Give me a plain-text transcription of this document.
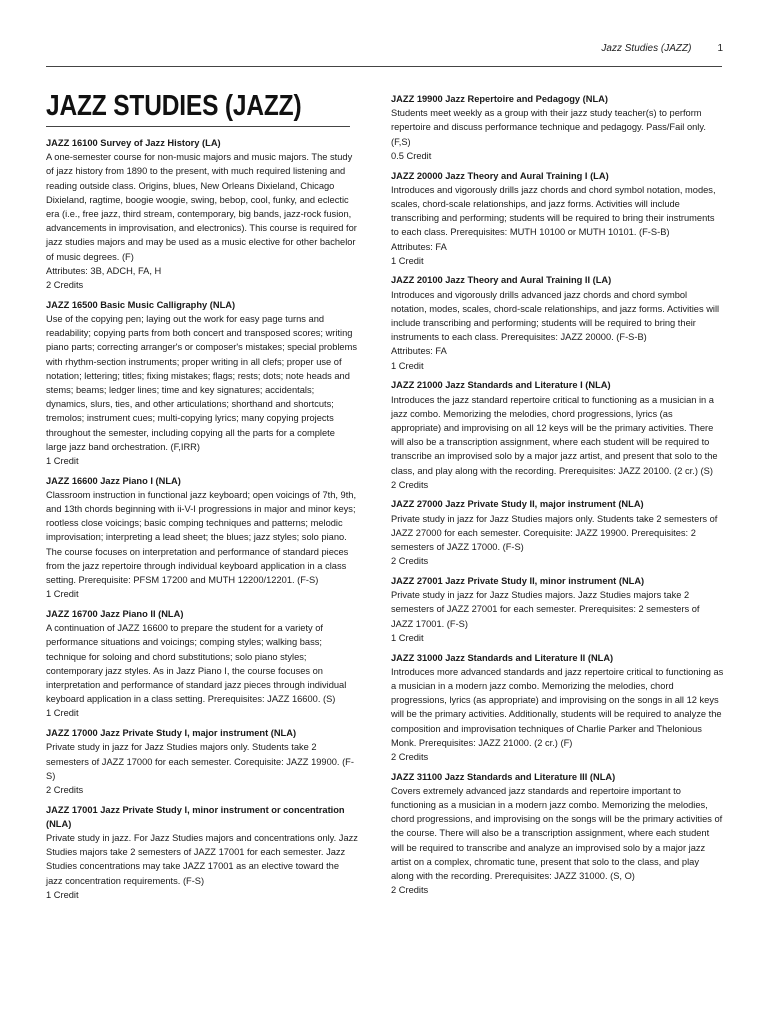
Jazz Studies (JAZZ)	1
JAZZ STUDIES (JAZZ)
JAZZ 16100 Survey of Jazz History (LA)
A one-semester course for non-music majors and music majors. The study of jazz history from 1890 to the present, with much required listening and reading outside class. Origins, blues, New Orleans Dixieland, Chicago Dixieland, ragtime, boogie woogie, swing, bebop, cool, funky, and eclectic era (i.e., free jazz, third stream, contemporary, big bands, jazz-rock fusion, advancements in improvisation, and electronics). This course is required for jazz studies majors and may be used as a music elective for other bachelor of music degrees. (F)
Attributes: 3B, ADCH, FA, H
2 Credits
JAZZ 16500 Basic Music Calligraphy (NLA)
Use of the copying pen; laying out the work for easy page turns and readability; copying parts from both concert and transposed scores; writing piano parts; correcting arranger's or composer's mistakes; special problems with rhythm-section instruments; proper writing in all clefs; proper use of notation; lettering; titles; fixing mistakes; flags; rests; dots; note heads and stems; beams; ledger lines; time and key signatures; accidentals; dynamics, slurs, ties, and other articulations; shorthand and shortcuts; tremolos; instrument cues; multi-copying lyrics; many copying projects throughout the semester, including copying all the parts for a complete large jazz band orchestration. (F,IRR)
1 Credit
JAZZ 16600 Jazz Piano I (NLA)
Classroom instruction in functional jazz keyboard; open voicings of 7th, 9th, and 13th chords beginning with ii-V-I progressions in major and minor keys; rootless close voicings; basic comping techniques and patterns; melodic improvisation; interpreting a lead sheet; the blues; jazz styles; solo piano. The course focuses on interpretation and performance of standard pieces from the jazz repertoire through individual keyboard application in a class setting. Prerequisite: PFSM 17200 and MUTH 12200/12201. (F-S)
1 Credit
JAZZ 16700 Jazz Piano II (NLA)
A continuation of JAZZ 16600 to prepare the student for a variety of performance situations and voicings; comping styles; walking bass; technique for soloing and chord substitutions; solo piano styles; contemporary jazz styles. As in Jazz Piano I, the course focuses on interpretation and performance of standard jazz pieces through individual keyboard application in a class setting. Prerequisites: JAZZ 16600. (S)
1 Credit
JAZZ 17000 Jazz Private Study I, major instrument (NLA)
Private study in jazz for Jazz Studies majors only. Students take 2 semesters of JAZZ 17000 for each semester. Corequisite: JAZZ 19900. (F-S)
2 Credits
JAZZ 17001 Jazz Private Study I, minor instrument or concentration (NLA)
Private study in jazz. For Jazz Studies majors and concentrations only. Jazz Studies majors take 2 semesters of JAZZ 17001 for each semester. Jazz Studies concentrations may take JAZZ 17001 as an elective toward the jazz concentration requirements. (F-S)
1 Credit
JAZZ 19900 Jazz Repertoire and Pedagogy (NLA)
Students meet weekly as a group with their jazz study teacher(s) to perform repertoire and discuss performance technique and pedagogy. Pass/Fail only. (F,S)
0.5 Credit
JAZZ 20000 Jazz Theory and Aural Training I (LA)
Introduces and vigorously drills jazz chords and chord symbol notation, modes, scales, chord-scale relationships, and jazz forms. Activities will include transcribing and performing; students will be required to bring their instruments to each class. Prerequisites: MUTH 10100 or MUTH 10101. (F-S-B)
Attributes: FA
1 Credit
JAZZ 20100 Jazz Theory and Aural Training II (LA)
Introduces and vigorously drills advanced jazz chords and chord symbol notation, modes, scales, chord-scale relationships, and jazz forms. Activities will include transcribing and performing; students will be required to bring their instruments to each class. Prerequisites: JAZZ 20000. (F-S-B)
Attributes: FA
1 Credit
JAZZ 21000 Jazz Standards and Literature I (NLA)
Introduces the jazz standard repertoire critical to functioning as a musician in a jazz combo. Memorizing the melodies, chord progressions, lyrics (as appropriate) and improvising on all 12 keys will be the primary activities. There will also be a transcription assignment, where each student will be required to transcribe an improvised solo by a major jazz artist, and present that solo to the class, and play along with the recording. Prerequisites: JAZZ 20100. (2 cr.) (S)
2 Credits
JAZZ 27000 Jazz Private Study II, major instrument (NLA)
Private study in jazz for Jazz Studies majors only. Students take 2 semesters of JAZZ 27000 for each semester. Corequisite: JAZZ 19900. Prerequisites: 2 semesters of JAZZ 17000. (F-S)
2 Credits
JAZZ 27001 Jazz Private Study II, minor instrument (NLA)
Private study in jazz for Jazz Studies majors. Jazz Studies majors take 2 semesters of JAZZ 27001 for each semester. Prerequisites: 2 semesters of JAZZ 17001. (F-S)
1 Credit
JAZZ 31000 Jazz Standards and Literature II (NLA)
Introduces more advanced standards and jazz repertoire critical to functioning as a musician in a modern jazz combo. Memorizing the melodies, chord progressions, lyrics (as appropriate) and improvising on the songs in all 12 keys will be the primary activities. Additionally, students will be required to analyze the composition and improvisation techniques of Charlie Parker and Thelonious Monk. Prerequisites: JAZZ 21000. (2 cr.) (F)
2 Credits
JAZZ 31100 Jazz Standards and Literature III (NLA)
Covers extremely advanced jazz standards and repertoire important to functioning as a musician in a modern jazz combo. Memorizing the melodies, chord progressions, and improvising on the songs will be the primary activities of the course. There will also be a transcription assignment, where each student will be required to transcribe and analyze an improvised solo by a major jazz artist on a complex, chromatic tune, present that solo to the class, and play along with the recording. Prerequisites: JAZZ 31000. (S, O)
2 Credits
